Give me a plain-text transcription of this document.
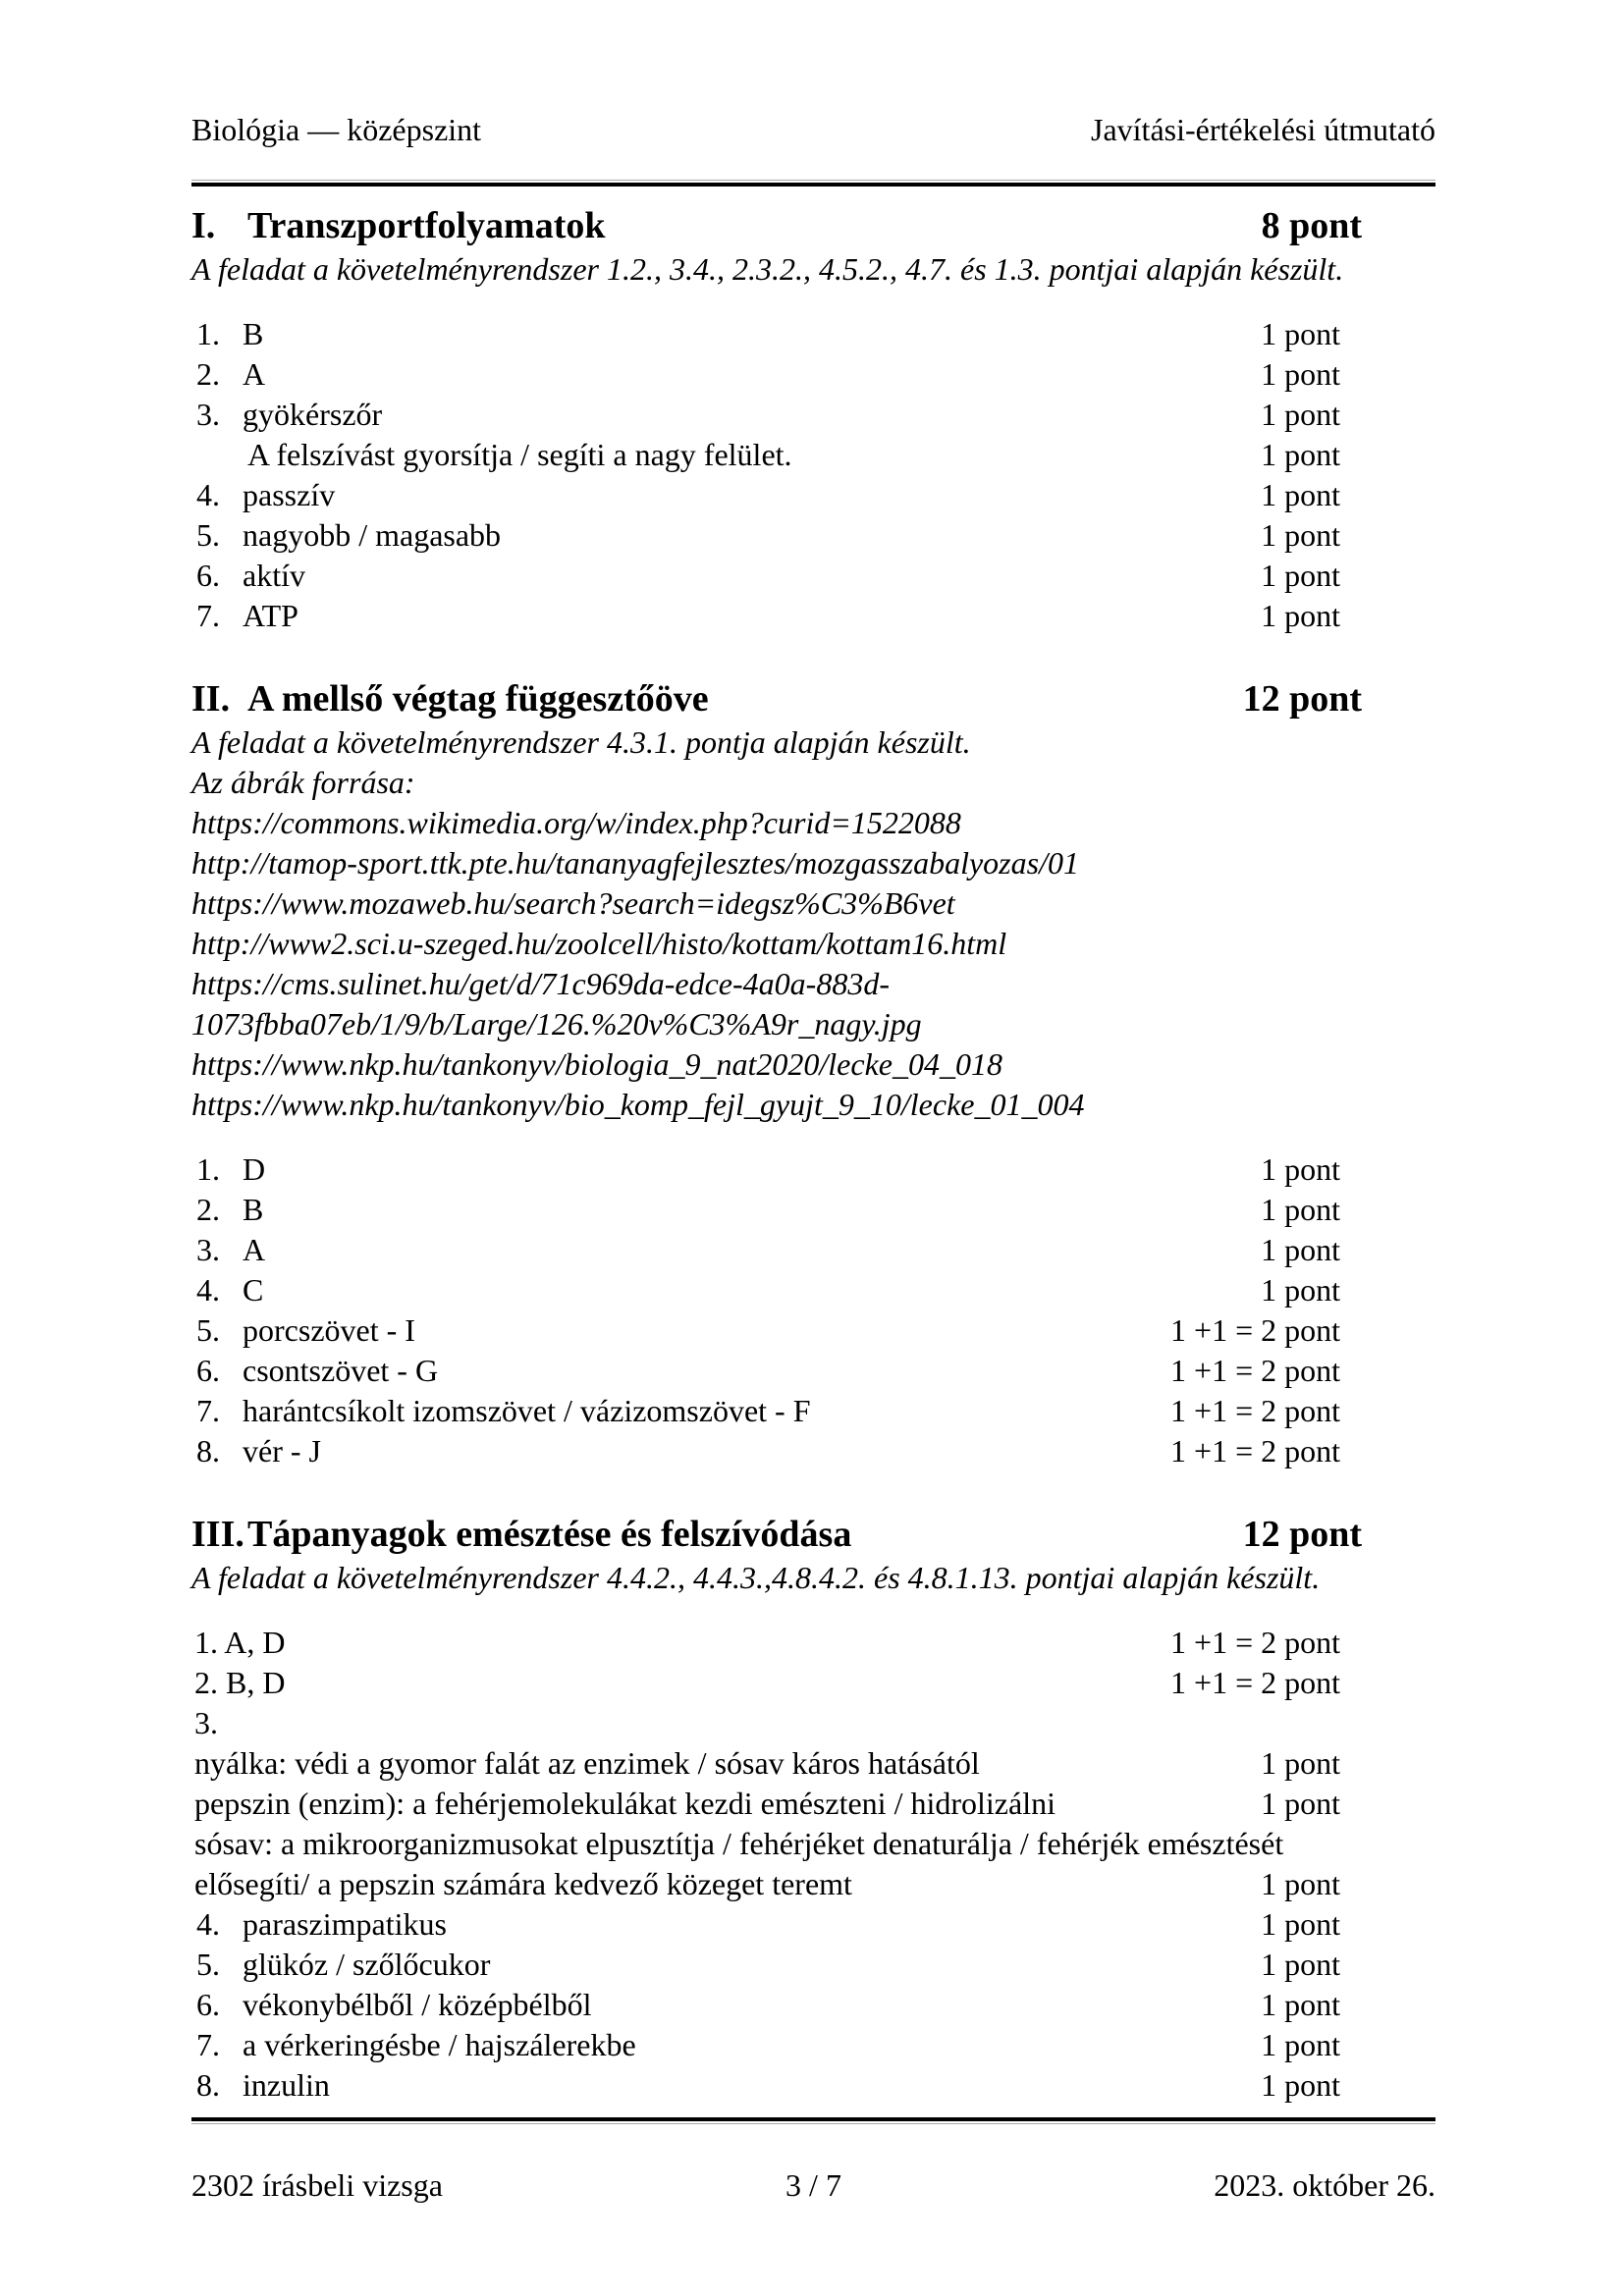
Biológia — középszint	Javítási-értékelési útmutató
I. Transzportfolyamatok	8 pont
A feladat a követelményrendszer 1.2., 3.4., 2.3.2., 4.5.2., 4.7. és 1.3. pontjai alapján készült.
1. B	1 pont
2. A	1 pont
3. gyökérszőr	1 pont
A felszívást gyorsítja / segíti a nagy felület.	1 pont
4. passzív	1 pont
5. nagyobb / magasabb	1 pont
6. aktív	1 pont
7. ATP	1 pont
II. A mellső végtag függesztőöve	12 pont
A feladat a követelményrendszer 4.3.1. pontja alapján készült.
Az ábrák forrása:
https://commons.wikimedia.org/w/index.php?curid=1522088
http://tamop-sport.ttk.pte.hu/tananyagfejlesztes/mozgasszabalyozas/01
https://www.mozaweb.hu/search?search=idegsz%C3%B6vet
http://www2.sci.u-szeged.hu/zoolcell/histo/kottam/kottam16.html
https://cms.sulinet.hu/get/d/71c969da-edce-4a0a-883d-
1073fbba07eb/1/9/b/Large/126.%20v%C3%A9r_nagy.jpg
https://www.nkp.hu/tankonyv/biologia_9_nat2020/lecke_04_018
https://www.nkp.hu/tankonyv/bio_komp_fejl_gyujt_9_10/lecke_01_004
1. D	1 pont
2. B	1 pont
3. A	1 pont
4. C	1 pont
5. porcszövet - I	1 +1 = 2 pont
6. csontszövet - G	1 +1 = 2 pont
7. harántcsíkolt izomszövet / vázizomszövet - F	1 +1 = 2 pont
8. vér - J	1 +1 = 2 pont
III. Tápanyagok emésztése és felszívódása	12 pont
A feladat a követelményrendszer 4.4.2., 4.4.3.,4.8.4.2. és 4.8.1.13. pontjai alapján készült.
1. A, D	1 +1 = 2 pont
2. B, D	1 +1 = 2 pont
3.
nyálka: védi a gyomor falát az enzimek / sósav káros hatásától	1 pont
pepszin (enzim): a fehérjemolekulákat kezdi emészteni / hidrolizálni	1 pont
sósav: a mikroorganizmusokat elpusztítja / fehérjéket denaturálja / fehérjék emésztését
elősegíti/ a pepszin számára kedvező közeget teremt	1 pont
4. paraszimpatikus	1 pont
5. glükóz / szőlőcukor	1 pont
6. vékonybélből / középbélből	1 pont
7. a vérkeringésbe / hajszálerekbe	1 pont
8. inzulin	1 pont
2302 írásbeli vizsga	3 / 7	2023. október 26.
